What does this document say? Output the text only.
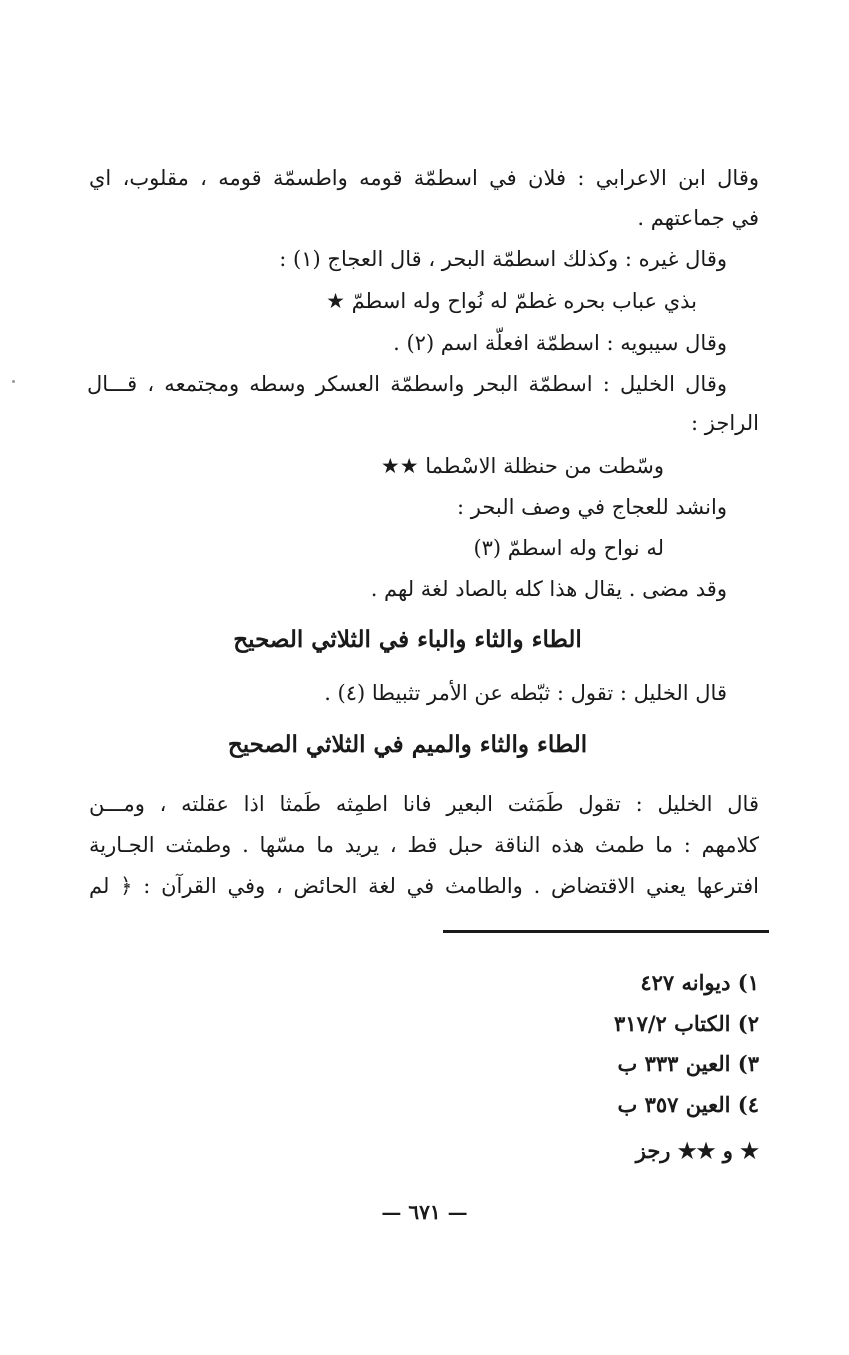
وقال ابن الاعرابي : فلان في اسطمّة قومه واطسمّة قومه ، مقلوب، اي
في جماعتهم .
وقال غيره : وكذلك اسطمّة البحر ، قال العجاج (١) :
بذي عباب بحره غطمّ له نُواح وله اسطمّ ★
وقال سيبويه : اسطمّة افعلّة اسم (٢) .
وقال الخليل : اسطمّة البحر واسطمّة العسكر وسطه ومجتمعه ، قـــال
الراجز :
وسّطت من حنظلة الاسْطما ★★
وانشد للعجاج في وصف البحر :
له نواح وله اسطمّ (٣)
وقد مضى . يقال هذا كله بالصاد لغة لهم .
الطاء والثاء والباء في الثلاثي الصحيح
قال الخليل : تقول : ثبّطه عن الأمر تثبيطا (٤) .
الطاء والثاء والميم في الثلاثي الصحيح
قال الخليل : تقول طَمَثت البعير فانا اطمِثه طَمثا اذا عقلته ، ومـــن
كلامهم : ما طمث هذه الناقة حبل قط ، يريد ما مسّها . وطمثت الجـارية
افترعها يعني الاقتضاض . والطامث في لغة الحائض ، وفي القرآن : ﴿ لم
١) ديوانه ٤٢٧
٢) الكتاب ٣١٧/٢
٣) العين ٣٣٣ ب
٤) العين ٣٥٧ ب
★ و ★★ رجز
— ٦٧١ —
